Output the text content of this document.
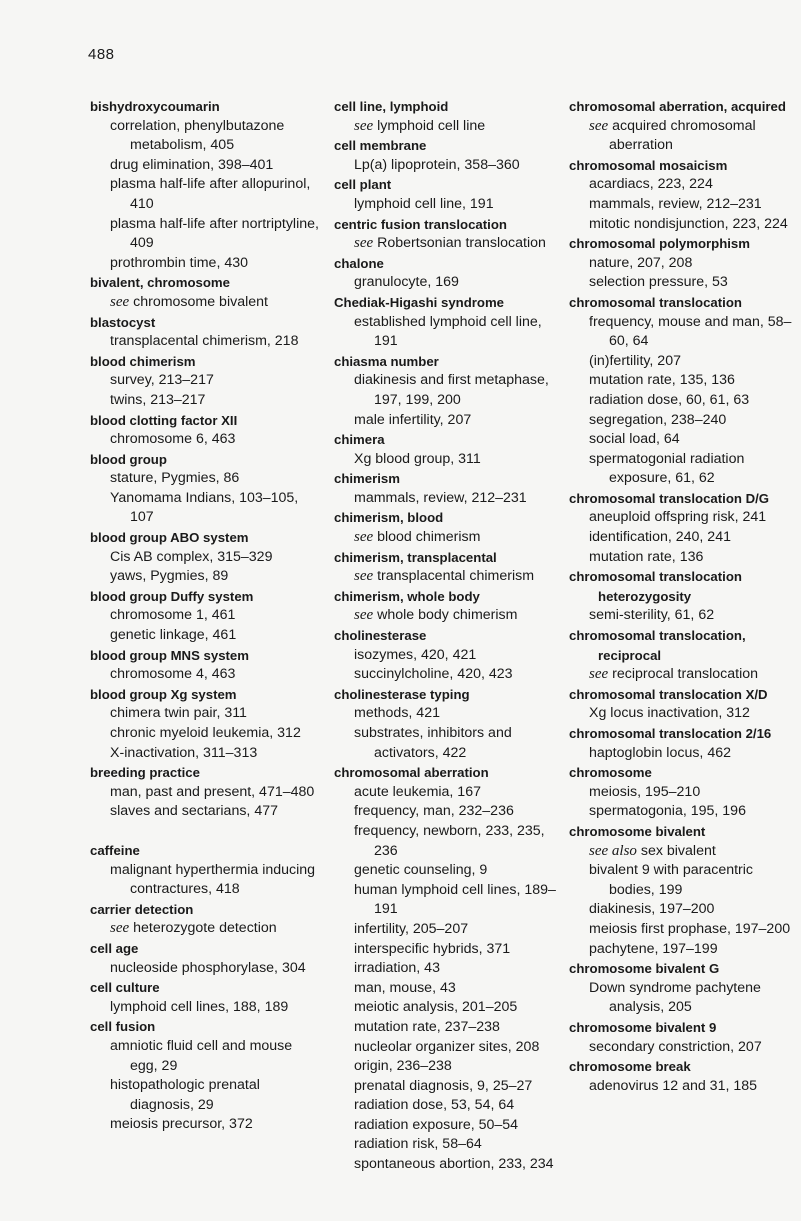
488
bishydroxycoumarin
correlation, phenylbutazone metabolism, 405
drug elimination, 398–401
plasma half-life after allopurinol, 410
plasma half-life after nortriptyline, 409
prothrombin time, 430
bivalent, chromosome
see chromosome bivalent
blastocyst
transplacental chimerism, 218
blood chimerism
survey, 213–217
twins, 213–217
blood clotting factor XII
chromosome 6, 463
blood group
stature, Pygmies, 86
Yanomama Indians, 103–105, 107
blood group ABO system
Cis AB complex, 315–329
yaws, Pygmies, 89
blood group Duffy system
chromosome 1, 461
genetic linkage, 461
blood group MNS system
chromosome 4, 463
blood group Xg system
chimera twin pair, 311
chronic myeloid leukemia, 312
X-inactivation, 311–313
breeding practice
man, past and present, 471–480
slaves and sectarians, 477
caffeine
malignant hyperthermia inducing contractures, 418
carrier detection
see heterozygote detection
cell age
nucleoside phosphorylase, 304
cell culture
lymphoid cell lines, 188, 189
cell fusion
amniotic fluid cell and mouse egg, 29
histopathologic prenatal diagnosis, 29
meiosis precursor, 372
cell line, lymphoid
see lymphoid cell line
cell membrane
Lp(a) lipoprotein, 358–360
cell plant
lymphoid cell line, 191
centric fusion translocation
see Robertsonian translocation
chalone
granulocyte, 169
Chediak-Higashi syndrome
established lymphoid cell line, 191
chiasma number
diakinesis and first metaphase, 197, 199, 200
male infertility, 207
chimera
Xg blood group, 311
chimerism
mammals, review, 212–231
chimerism, blood
see blood chimerism
chimerism, transplacental
see transplacental chimerism
chimerism, whole body
see whole body chimerism
cholinesterase
isozymes, 420, 421
succinylcholine, 420, 423
cholinesterase typing
methods, 421
substrates, inhibitors and activators, 422
chromosomal aberration
acute leukemia, 167
frequency, man, 232–236
frequency, newborn, 233, 235, 236
genetic counseling, 9
human lymphoid cell lines, 189–191
infertility, 205–207
interspecific hybrids, 371
irradiation, 43
man, mouse, 43
meiotic analysis, 201–205
mutation rate, 237–238
nucleolar organizer sites, 208
origin, 236–238
prenatal diagnosis, 9, 25–27
radiation dose, 53, 54, 64
radiation exposure, 50–54
radiation risk, 58–64
spontaneous abortion, 233, 234
chromosomal aberration, acquired
see acquired chromosomal aberration
chromosomal mosaicism
acardiacs, 223, 224
mammals, review, 212–231
mitotic nondisjunction, 223, 224
chromosomal polymorphism
nature, 207, 208
selection pressure, 53
chromosomal translocation
frequency, mouse and man, 58–60, 64
(in)fertility, 207
mutation rate, 135, 136
radiation dose, 60, 61, 63
segregation, 238–240
social load, 64
spermatogonial radiation exposure, 61, 62
chromosomal translocation D/G
aneuploid offspring risk, 241
identification, 240, 241
mutation rate, 136
chromosomal translocation heterozygosity
semi-sterility, 61, 62
chromosomal translocation, reciprocal
see reciprocal translocation
chromosomal translocation X/D
Xg locus inactivation, 312
chromosomal translocation 2/16
haptoglobin locus, 462
chromosome
meiosis, 195–210
spermatogonia, 195, 196
chromosome bivalent
see also sex bivalent
bivalent 9 with paracentric bodies, 199
diakinesis, 197–200
meiosis first prophase, 197–200
pachytene, 197–199
chromosome bivalent G
Down syndrome pachytene analysis, 205
chromosome bivalent 9
secondary constriction, 207
chromosome break
adenovirus 12 and 31, 185
